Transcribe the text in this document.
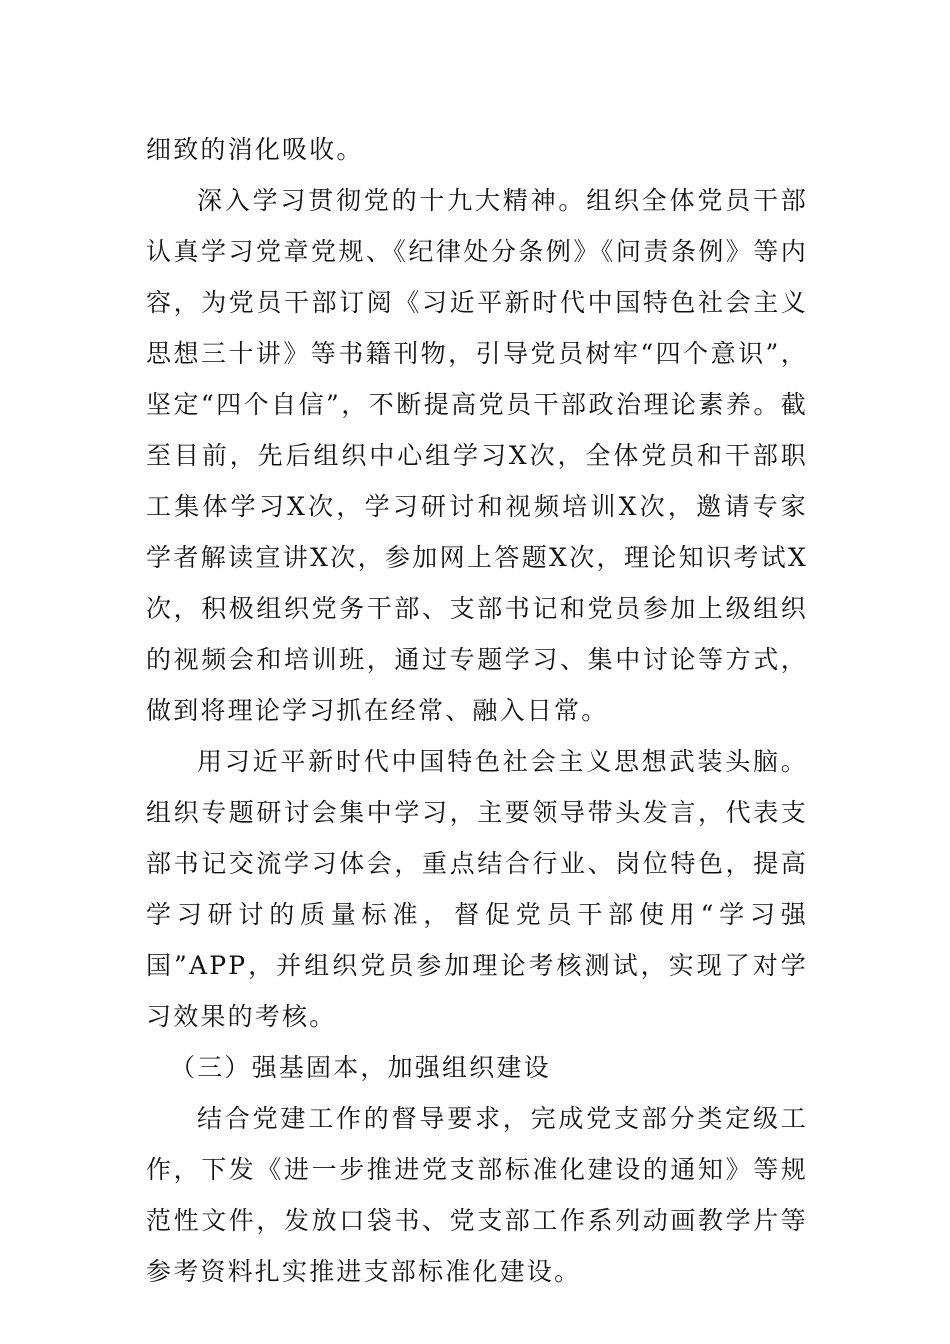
细致的消化吸收。

深入学习贯彻党的十九大精神。组织全体党员干部认真学习党章党规、《纪律处分条例》《问责条例》等内容，为党员干部订阅《习近平新时代中国特色社会主义思想三十讲》等书籍刊物，引导党员树牢“四个意识”，坚定“四个自信”，不断提高党员干部政治理论素养。截至目前，先后组织中心组学习X次，全体党员和干部职工集体学习X次，学习研讨和视频培训X次，邀请专家学者解读宣讲X次，参加网上答题X次，理论知识考试X次，积极组织党务干部、支部书记和党员参加上级组织的视频会和培训班，通过专题学习、集中讨论等方式，做到将理论学习抓在经常、融入日常。

用习近平新时代中国特色社会主义思想武装头脑。组织专题研讨会集中学习，主要领导带头发言，代表支部书记交流学习体会，重点结合行业、岗位特色，提高学习研讨的质量标准，督促党员干部使用“学习强国”APP，并组织党员参加理论考核测试，实现了对学习效果的考核。

（三）强基固本，加强组织建设

结合党建工作的督导要求，完成党支部分类定级工作，下发《进一步推进党支部标准化建设的通知》等规范性文件，发放口袋书、党支部工作系列动画教学片等参考资料扎实推进支部标准化建设。
